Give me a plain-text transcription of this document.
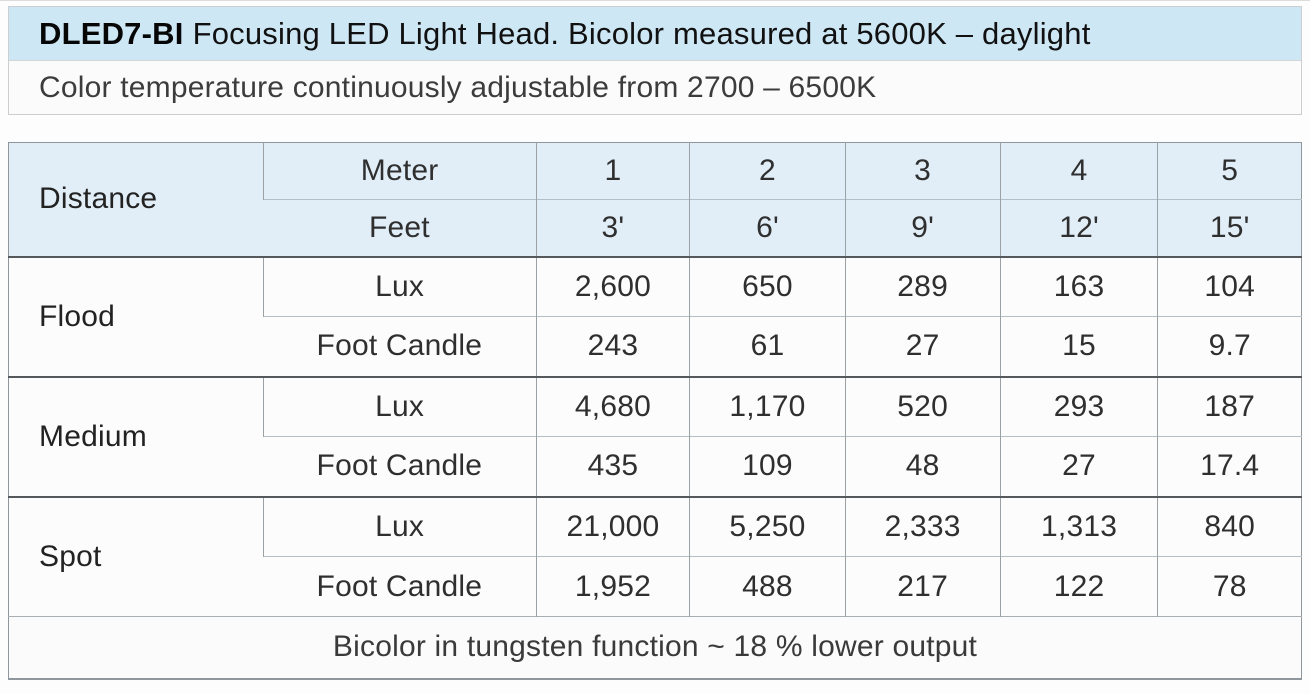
DLED7-BI Focusing LED Light Head. Bicolor measured at 5600K – daylight
Color temperature continuously adjustable from 2700 – 6500K
Distance	Meter	1	2	3	4	5
	Feet	3'	6'	9'	12'	15'
Flood	Lux	2,600	650	289	163	104
	Foot Candle	243	61	27	15	9.7
Medium	Lux	4,680	1,170	520	293	187
	Foot Candle	435	109	48	27	17.4
Spot	Lux	21,000	5,250	2,333	1,313	840
	Foot Candle	1,952	488	217	122	78
Bicolor in tungsten function ~ 18 % lower output						
